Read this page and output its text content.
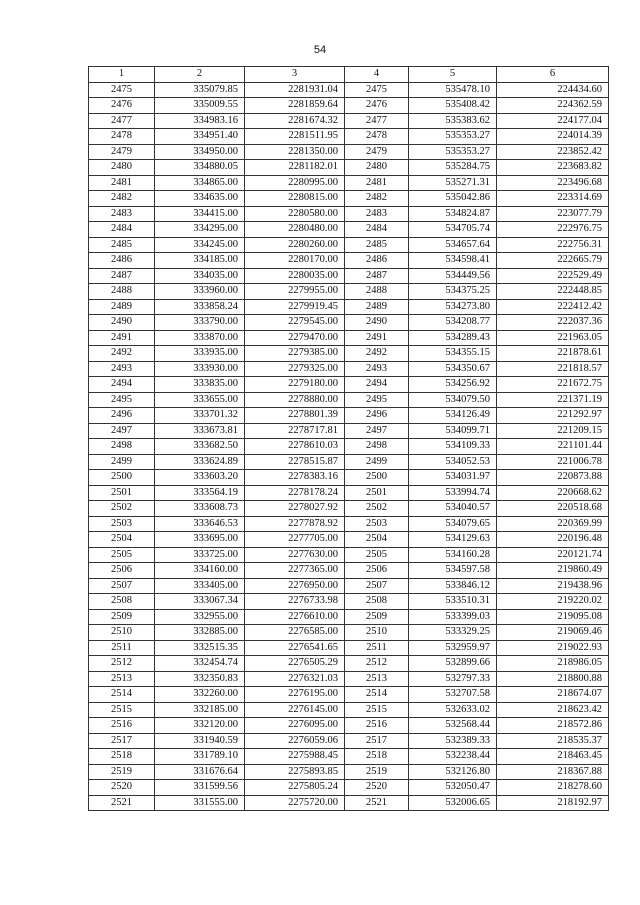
54
1	2	3	4	5	6
2475	335079.85	2281931.04	2475	535478.10	224434.60
2476	335009.55	2281859.64	2476	535408.42	224362.59
2477	334983.16	2281674.32	2477	535383.62	224177.04
2478	334951.40	2281511.95	2478	535353.27	224014.39
2479	334950.00	2281350.00	2479	535353.27	223852.42
2480	334880.05	2281182.01	2480	535284.75	223683.82
2481	334865.00	2280995.00	2481	535271.31	223496.68
2482	334635.00	2280815.00	2482	535042.86	223314.69
2483	334415.00	2280580.00	2483	534824.87	223077.79
2484	334295.00	2280480.00	2484	534705.74	222976.75
2485	334245.00	2280260.00	2485	534657.64	222756.31
2486	334185.00	2280170.00	2486	534598.41	222665.79
2487	334035.00	2280035.00	2487	534449.56	222529.49
2488	333960.00	2279955.00	2488	534375.25	222448.85
2489	333858.24	2279919.45	2489	534273.80	222412.42
2490	333790.00	2279545.00	2490	534208.77	222037.36
2491	333870.00	2279470.00	2491	534289.43	221963.05
2492	333935.00	2279385.00	2492	534355.15	221878.61
2493	333930.00	2279325.00	2493	534350.67	221818.57
2494	333835.00	2279180.00	2494	534256.92	221672.75
2495	333655.00	2278880.00	2495	534079.50	221371.19
2496	333701.32	2278801.39	2496	534126.49	221292.97
2497	333673.81	2278717.81	2497	534099.71	221209.15
2498	333682.50	2278610.03	2498	534109.33	221101.44
2499	333624.89	2278515.87	2499	534052.53	221006.78
2500	333603.20	2278383.16	2500	534031.97	220873.88
2501	333564.19	2278178.24	2501	533994.74	220668.62
2502	333608.73	2278027.92	2502	534040.57	220518.68
2503	333646.53	2277878.92	2503	534079.65	220369.99
2504	333695.00	2277705.00	2504	534129.63	220196.48
2505	333725.00	2277630.00	2505	534160.28	220121.74
2506	334160.00	2277365.00	2506	534597.58	219860.49
2507	333405.00	2276950.00	2507	533846.12	219438.96
2508	333067.34	2276733.98	2508	533510.31	219220.02
2509	332955.00	2276610.00	2509	533399.03	219095.08
2510	332885.00	2276585.00	2510	533329.25	219069.46
2511	332515.35	2276541.65	2511	532959.97	219022.93
2512	332454.74	2276505.29	2512	532899.66	218986.05
2513	332350.83	2276321.03	2513	532797.33	218800.88
2514	332260.00	2276195.00	2514	532707.58	218674.07
2515	332185.00	2276145.00	2515	532633.02	218623.42
2516	332120.00	2276095.00	2516	532568.44	218572.86
2517	331940.59	2276059.06	2517	532389.33	218535.37
2518	331789.10	2275988.45	2518	532238.44	218463.45
2519	331676.64	2275893.85	2519	532126.80	218367.88
2520	331599.56	2275805.24	2520	532050.47	218278.60
2521	331555.00	2275720.00	2521	532006.65	218192.97
